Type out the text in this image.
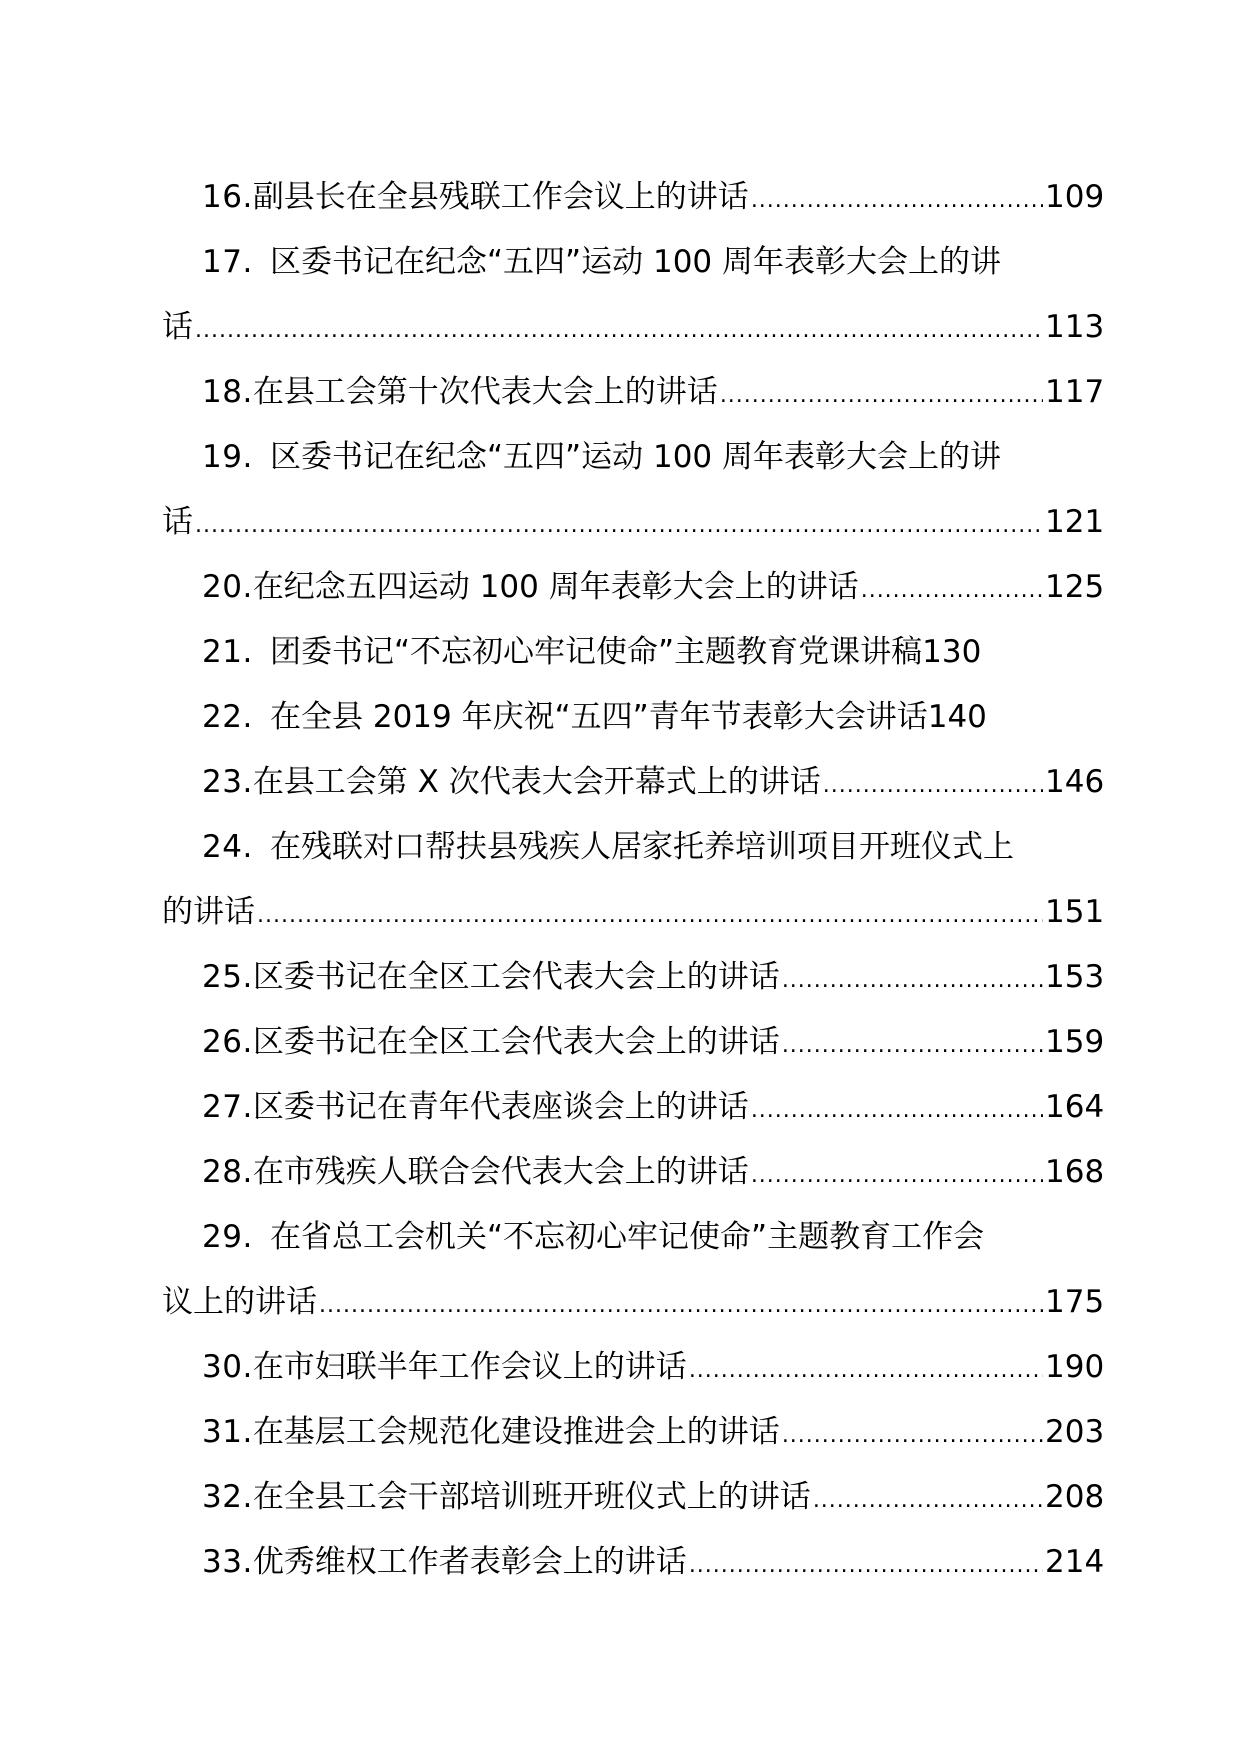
16. 副县长在全县残联工作会议上的讲话 .....	109
17. 区委书记在纪念“五四”运动 100 周年表彰大会上的讲
话 .....	113
18. 在县工会第十次代表大会上的讲话 .....	117
19. 区委书记在纪念“五四”运动 100 周年表彰大会上的讲
话 .....	121
20. 在纪念五四运动 100 周年表彰大会上的讲话 .....	125
21. 团委书记“不忘初心牢记使命”主题教育党课讲稿 130
22. 在全县 2019 年庆祝“五四”青年节表彰大会讲话 140
23. 在县工会第 X 次代表大会开幕式上的讲话 .....	146
24. 在残联对口帮扶县残疾人居家托养培训项目开班仪式上
的讲话 .....	151
25. 区委书记在全区工会代表大会上的讲话 .....	153
26. 区委书记在全区工会代表大会上的讲话 .....	159
27. 区委书记在青年代表座谈会上的讲话 .....	164
28. 在市残疾人联合会代表大会上的讲话 .....	168
29. 在省总工会机关“不忘初心牢记使命”主题教育工作会
议上的讲话 .....	175
30. 在市妇联半年工作会议上的讲话 .....	190
31. 在基层工会规范化建设推进会上的讲话 .....	203
32. 在全县工会干部培训班开班仪式上的讲话 .....	208
33. 优秀维权工作者表彰会上的讲话 .....	214
